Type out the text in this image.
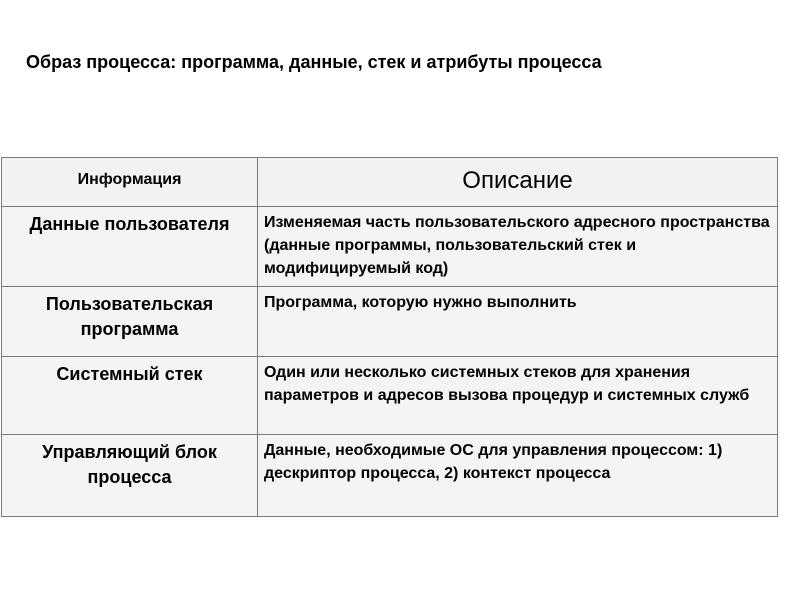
Образ процесса: программа, данные, стек и атрибуты процесса
Информация	Описание

Данные пользователя	Изменяемая часть пользовательского адресного пространства (данные программы, пользовательский стек и модифицируемый код)

Пользовательская программа	Программа, которую нужно выполнить

Системный стек	Один или несколько системных стеков для хранения параметров и адресов вызова процедур и системных служб

Управляющий блок процесса	Данные, необходимые ОС для управления процессом: 1) дескриптор процесса, 2) контекст процесса
